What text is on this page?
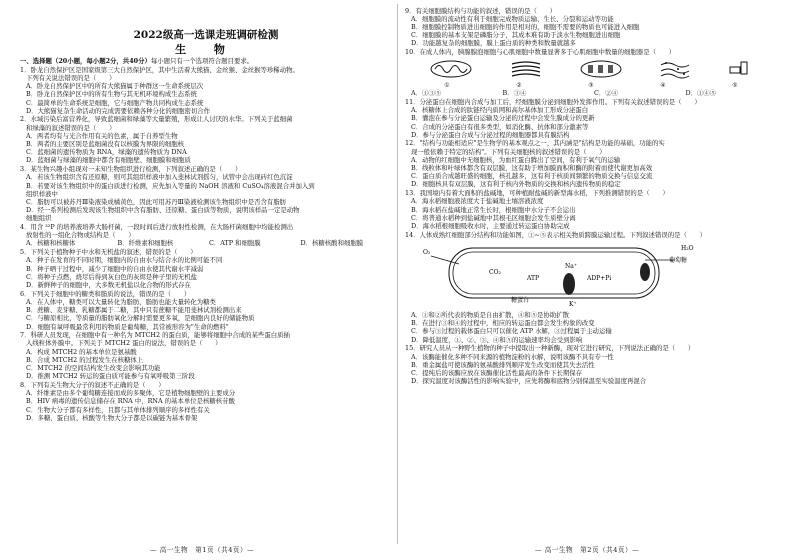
2022级高一选课走班调研检测

生 物

一、选择题（20小题，每小题2分，共40分）每小题只有一个选项符合题目要求。

1．卧龙自然保护区是国家级第三大自然保护区，其中生活着大熊猫、金丝猴、金丝猴等珍稀动物。

下列有关说法错误的是（　　）

A．卧龙自然保护区中的所有大熊猫属于种群这一生命系统层次

B．卧龙自然保护区中的所有生物与其无机环境构成生态系统

C．最简单的生命系统是细胞，它与细胞产物共同构成生态系统

D．大熊猫复杂生命活动的完成需要依赖各种分化的细胞密切合作

2．水域污染后富营养化，导致蓝细菌和绿藻等大量繁殖，形成让人讨厌的水华。下列关于蓝细菌

和绿藻的叙述错误的是（　　）

A．两者均有与光合作用有关的色素，属于自养型生物

B．两者的主要区别是蓝细菌没有以核膜为界限的细胞核

C．蓝细菌的遗传物质为 RNA，绿藻的遗传物质为 DNA

D．蓝细菌与绿藻的细胞中都含有细胞壁、细胞膜和细胞质

3．某生物兴趣小组现对一未知生物组织进行检测，下列叙述正确的是（　　）

A．若该生物组织含有还原糖，则可其组织样液中加入斐林试剂摇匀，试管中会出现砖红色沉淀

B．若要对该生物组织中的蛋白质进行检测，应先加入等量的 NaOH 溶液和 CuSO₄溶液混合并加入到

组织样液中

C．脂肪可以被苏丹Ⅲ染液染成橘黄色，因此可用苏丹Ⅲ染液检测该生物组织中是否含有脂肪

D．经一系列检测后发现该生物组织中含有脂肪、还原糖、蛋白质等物质，说明该样品一定是动物

细胞组织

4．用含 ³²P 的培养液培养大肠杆菌，一段时间后进行放射性检测，在大肠杆菌细胞中均能检测出

放射性的一组化合物或结构是（　　）

A．核糖和核糖体	B．纤维素和细胞核	C．ATP 和细胞膜	D．核糖核酸和细胞膜

5．下列关于植物种子中水和无机盐的叙述，错误的是（　　）

A．种子在发育的不同时期，细胞内的自由水与结合水的比例可能不同

B．种子晒干过程中，减少了细胞中的自由水使其代谢水平减弱

C．将种子点燃，烧尽后得到灰白色的灰烬是种子里的无机盐

D．新鲜种子的细胞中，大多数无机盐以化合物的形式存在

6．下列关于细胞中的糖类和脂质的说法，错误的是（　　）

A．在人体中，糖类可以大量转化为脂肪，脂肪也能大量转化为糖类

B．蔗糖、麦芽糖、乳糖都属于二糖，其中只有蔗糖不能用斐林试剂检测出来

C．与糖原相比，等质量的脂肪氧化分解时需要更多氧，是细胞内良好的储能物质

D．细胞有氧呼吸最常利用的物质是葡萄糖，其常被形容为"生命的燃料"

7．科研人员发现，在细胞中有一种名为 MTCH2 的蛋白质，能够将细胞中合成的某些蛋白质插

入线粒体外膜中。下列关于 MTCH2 蛋白的说法，错误的是（　　）

A．构成 MTCH2 的基本单位是氨基酸

B．合成 MTCH2 的过程发生在核糖体上

C．MTCH2 的空间结构发生改变会影响其功能

D．推测 MTCH2 转运的蛋白质可能参与有氧呼吸第三阶段

8．下列有关生物大分子的叙述不正确的是（　　）

A．纤维素是由多个葡萄糖连接而成的多聚体，它是植物细胞壁的主要成分

B．HIV 病毒的遗传信息储存在 RNA 中，RNA 的基本单位是核糖核苷酸

C．生物大分子都有多样性，且都与其单体排列顺序的多样性有关

D．多糖、蛋白质、核酸等生物大分子都是以碳链为基本骨架

9．有关细胞膜结构与功能的叙述，错误的是（　　）

A．细胞膜的流动性有利于细胞完成物质运输、生长、分裂和运动等功能

B．细胞膜控制物质进出细胞的作用是相对的，细胞不需要的物质也可能进入细胞

C．细胞膜的基本支架是磷脂分子，其成本难有助于淡水生物细胞进出细胞

D．功能越复杂的细胞膜，膜上蛋白质的种类和数量就越多

10．在成人体内，胰腺腺泡细胞与心肌细胞中数量显著多于心肌细胞中数量的细胞器是（　　）

①	②	③	④	⑤
A．①③⑤	B．③④	C．②④	D．①④⑤

11．分泌蛋白在细胞内合成与加工后，经细胞膜分泌到细胞外发挥作用。下列有关叙述错误的是（　　）

A．核糖体上合成的肽链经内质网和高尔基体加工形成分泌蛋白

B．囊泡在参与分泌蛋白运输及分泌的过程中会发生膜成分的更新

C．合成的分泌蛋白有很多类型，如消化酶、抗体和部分激素等

D．参与分泌蛋白合成与分泌过程的细胞器都具有膜结构

12．"结构与功能相适应"是生物学的基本观点之一，其内涵是"结构是功能的基础，功能的实

现一般依赖于特定的结构"。下列有关细胞核的叙述错误的是（　　）

A．动物的红细胞中无细胞核，为血红蛋白腾出了空间，有利于氧气的运输

B．线粒体和叶绿体都含有双层膜，这有助于增加膜面积和酶的附着而使代谢更加高效

C．蛋白质合成越旺盛的细胞，核孔越多，这有利于核质间频繁的物质交换与信息交流

D．细胞核具有双层膜，这有利于核内外物质的交换和核内遗传物质的稳定

13．我国境内有着大面积的盐碱地，可种植耐盐碱的新型海水稻，下列推测错误的是（　　）

A．海水稻细胞液浓度大于盐碱地土壤溶液浓度

B．海水稻在盐碱地正常生长时，根细胞中水分子不会运出

C．将普通水稻种到盐碱地中其根毛区细胞会发生质壁分离

D．海水稻根细胞吸收水时，主要通过转运蛋白协助完成

14．人体成熟红细胞部分结构和功能如图，①~⑤表示相关物质跨膜运输过程。下列叙述错误的是（　　）

O₂
CO₂
ATP
Na⁺
ADP+Pi
K⁺
葡萄糖
H₂O
糖蛋白

A．①和②所代表的物质是自由扩散，④和⑤是协助扩散

B．在进行③和④的过程中，相应的转运蛋白都会发生构象的改变

C．参与③过程的载体蛋白只可以催化 ATP 水解，③过程属于主动运输

D．降低温度，①、②、③、④和⑤的运输速率均会受到影响

15．研究人员从一种野生植物的种子中提取出一种新酶，现对它进行研究，下列说法正确的是（　　）

A．该酶能催化多种不同来源的植物淀粉的水解，说明该酶不具有专一性

B．重金属盐可使该酶的氨基酸排列顺序发生改变而使其失去活性

C．提纯后的该酶应放在该酶催化活性最高的条件下长期保存

D．探究温度对该酶活性的影响实验中，应先将酶和底物分别保温至实验温度再混合

— 高一生物　第1页（共4页）—	— 高一生物　第2页（共4页）—
